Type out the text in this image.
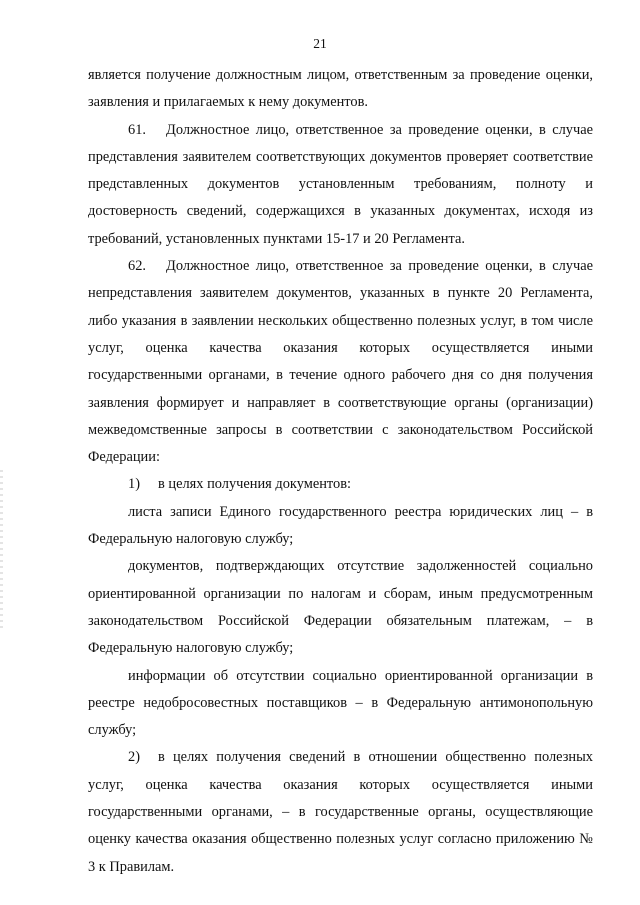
21

является получение должностным лицом, ответственным за проведение оценки, заявления и прилагаемых к нему документов.

61. Должностное лицо, ответственное за проведение оценки, в случае представления заявителем соответствующих документов проверяет соответствие представленных документов установленным требованиям, полноту и достоверность сведений, содержащихся в указанных документах, исходя из требований, установленных пунктами 15-17 и 20 Регламента.

62. Должностное лицо, ответственное за проведение оценки, в случае непредставления заявителем документов, указанных в пункте 20 Регламента, либо указания в заявлении нескольких общественно полезных услуг, в том числе услуг, оценка качества оказания которых осуществляется иными государственными органами, в течение одного рабочего дня со дня получения заявления формирует и направляет в соответствующие органы (организации) межведомственные запросы в соответствии с законодательством Российской Федерации:

1) в целях получения документов:

листа записи Единого государственного реестра юридических лиц – в Федеральную налоговую службу;

документов, подтверждающих отсутствие задолженностей социально ориентированной организации по налогам и сборам, иным предусмотренным законодательством Российской Федерации обязательным платежам, – в Федеральную налоговую службу;

информации об отсутствии социально ориентированной организации в реестре недобросовестных поставщиков – в Федеральную антимонопольную службу;

2) в целях получения сведений в отношении общественно полезных услуг, оценка качества оказания которых осуществляется иными государственными органами, – в государственные органы, осуществляющие оценку качества оказания общественно полезных услуг согласно приложению № 3 к Правилам.
